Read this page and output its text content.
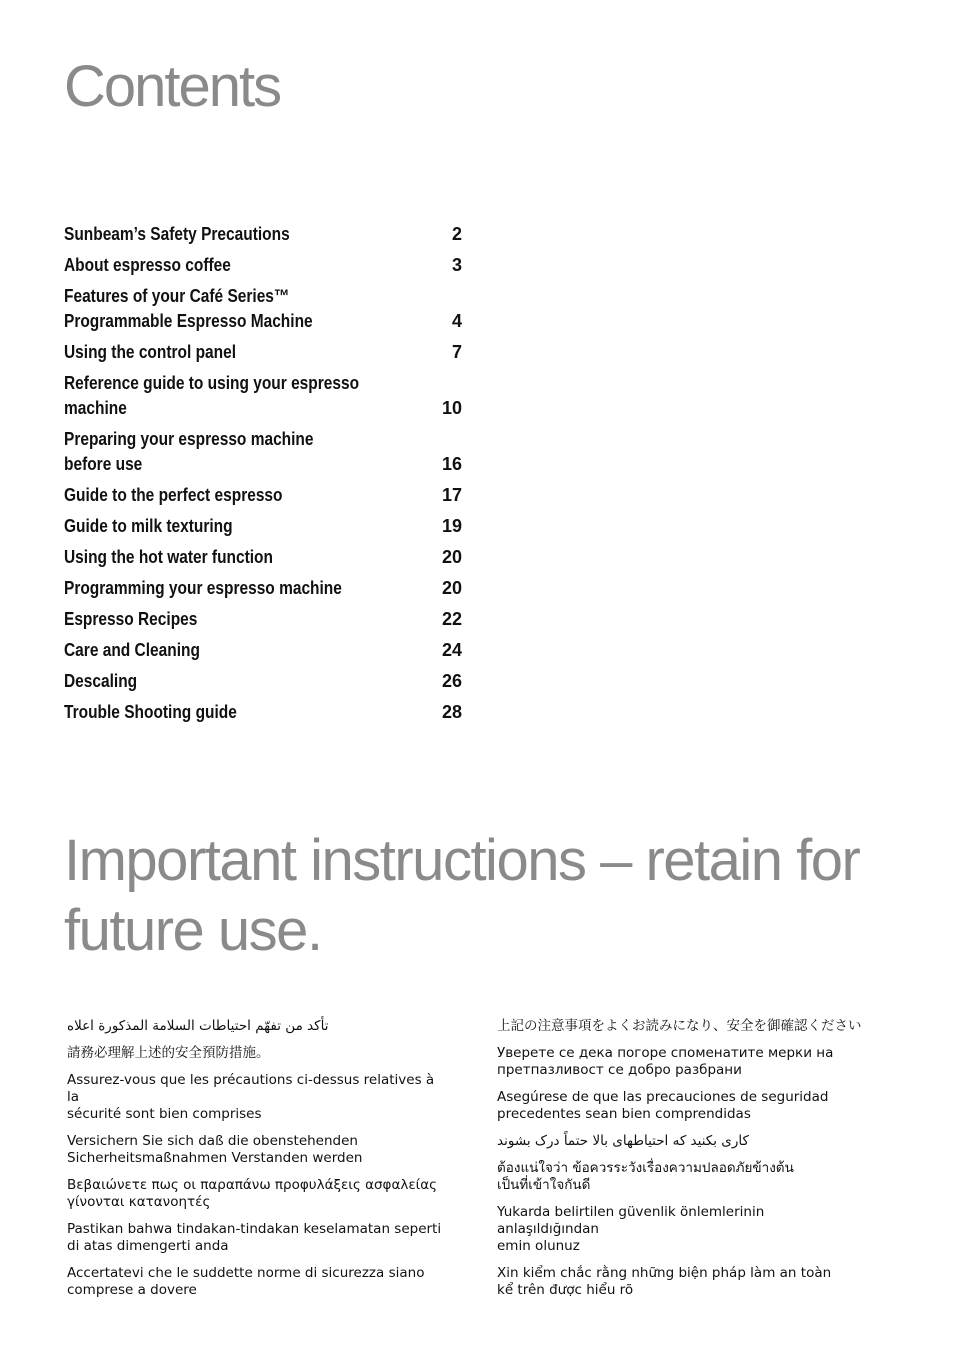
Contents
Sunbeam’s Safety Precautions	2
About espresso coffee	3
Features of your Café Series™
Programmable Espresso Machine	4
Using the control panel	7
Reference guide to using your espresso
machine	10
Preparing your espresso machine
before use	16
Guide to the perfect espresso	17
Guide to milk texturing	19
Using the hot water function	20
Programming your espresso machine	20
Espresso Recipes	22
Care and Cleaning	24
Descaling	26
Trouble Shooting guide	28
Important instructions – retain for future use.
تأكد من تفهّم احتياطات السلامة المذكورة اعلاه
請務必理解上述的安全預防措施。
Assurez-vous que les précautions ci-dessus relatives à la
sécurité sont bien comprises
Versichern Sie sich daß die obenstehenden
Sicherheitsmaßnahmen Verstanden werden
Βεβαιώνετε πως οι παραπάνω προφυλάξεις ασφαλείας
γίνονται κατανοητές
Pastikan bahwa tindakan-tindakan keselamatan seperti
di atas dimengerti anda
Accertatevi che le suddette norme di sicurezza siano
comprese a dovere
上記の注意事項をよくお読みになり、安全を御確認ください
Уверете се дека погоре споменатите мерки на
претпазливост се добро разбрани
Asegúrese de que las precauciones de seguridad
precedentes sean bien comprendidas
کاری بکنید که احتیاطهای بالا حتماً درک بشوند
ต้องแน่ใจว่า ข้อควรระวังเรื่องความปลอดภัยข้างต้น
เป็นที่เข้าใจกันดี
Yukarda belirtilen güvenlik önlemlerinin anlaşıldığından
emin olunuz
Xin kiểm chắc rằng những biện pháp làm an toàn
kể trên được hiểu rõ
